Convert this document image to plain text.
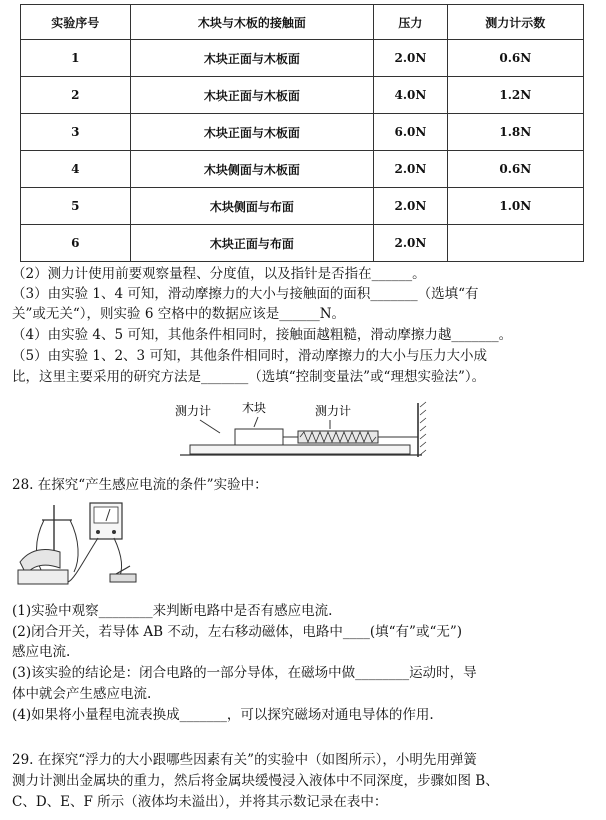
实验序号	木块与木板的接触面	压力	测力计示数
1	木块正面与木板面	2.0N	0.6N
2	木块正面与木板面	4.0N	1.2N
3	木块正面与木板面	6.0N	1.8N
4	木块侧面与木板面	2.0N	0.6N
5	木块侧面与布面	2.0N	1.0N
6	木块正面与布面	2.0N	
（2）测力计使用前要观察量程、分度值，以及指针是否指在______。
（3）由实验 1、4 可知，滑动摩擦力的大小与接触面的面积_______（选填“有
关”或无关“），则实验 6 空格中的数据应该是______N。
（4）由实验 4、5 可知，其他条件相同时，接触面越粗糙，滑动摩擦力越_______。
（5）由实验 1、2、3 可知，其他条件相同时，滑动摩擦力的大小与压力大小成
比，这里主要采用的研究方法是_______（选填“控制变量法”或“理想实验法”）。
测力计	木块	测力计
28. 在探究“产生感应电流的条件”实验中：
(1)实验中观察________来判断电路中是否有感应电流.
(2)闭合开关，若导体 AB 不动，左右移动磁体，电路中____(填“有”或“无”)
感应电流.
(3)该实验的结论是：闭合电路的一部分导体，在磁场中做________运动时，导
体中就会产生感应电流.
(4)如果将小量程电流表换成_______，可以探究磁场对通电导体的作用.
29. 在探究“浮力的大小跟哪些因素有关”的实验中（如图所示），小明先用弹簧
测力计测出金属块的重力，然后将金属块缓慢浸入液体中不同深度，步骤如图 B、
C、D、E、F 所示（液体均未溢出），并将其示数记录在表中：
